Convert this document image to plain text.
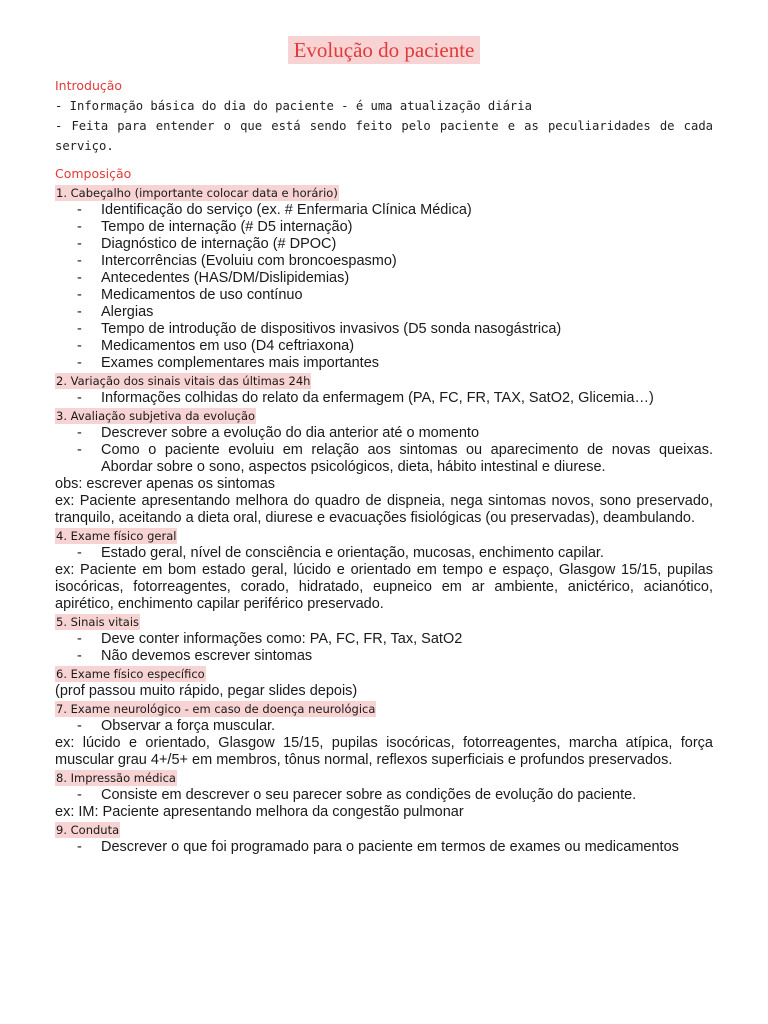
Evolução do paciente
Introdução
- Informação básica do dia do paciente - é uma atualização diária
- Feita para entender o que está sendo feito pelo paciente e as peculiaridades de cada serviço.
Composição
1. Cabeçalho (importante colocar data e horário)
- Identificação do serviço (ex. # Enfermaria Clínica Médica)
- Tempo de internação (# D5 internação)
- Diagnóstico de internação (# DPOC)
- Intercorrências (Evoluiu com broncoespasmo)
- Antecedentes (HAS/DM/Dislipidemias)
- Medicamentos de uso contínuo
- Alergias
- Tempo de introdução de dispositivos invasivos (D5 sonda nasogástrica)
- Medicamentos em uso (D4 ceftriaxona)
- Exames complementares mais importantes
2. Variação dos sinais vitais das últimas 24h
- Informações colhidas do relato da enfermagem (PA, FC, FR, TAX, SatO2, Glicemia…)
3. Avaliação subjetiva da evolução
- Descrever sobre a evolução do dia anterior até o momento
- Como o paciente evoluiu em relação aos sintomas ou aparecimento de novas queixas. Abordar sobre o sono, aspectos psicológicos, dieta, hábito intestinal e diurese.
obs: escrever apenas os sintomas
ex: Paciente apresentando melhora do quadro de dispneia, nega sintomas novos, sono preservado, tranquilo, aceitando a dieta oral, diurese e evacuações fisiológicas (ou preservadas), deambulando.
4. Exame físico geral
- Estado geral, nível de consciência e orientação, mucosas, enchimento capilar.
ex: Paciente em bom estado geral, lúcido e orientado em tempo e espaço, Glasgow 15/15, pupilas isocóricas, fotorreagentes, corado, hidratado, eupneico em ar ambiente, anictérico, acianótico, apirético, enchimento capilar periférico preservado.
5. Sinais vitais
- Deve conter informações como: PA, FC, FR, Tax, SatO2
- Não devemos escrever sintomas
6. Exame físico específico
(prof passou muito rápido, pegar slides depois)
7. Exame neurológico - em caso de doença neurológica
- Observar a força muscular.
ex: lúcido e orientado, Glasgow 15/15, pupilas isocóricas, fotorreagentes, marcha atípica, força muscular grau 4+/5+ em membros, tônus normal, reflexos superficiais e profundos preservados.
8. Impressão médica
- Consiste em descrever o seu parecer sobre as condições de evolução do paciente.
ex: IM: Paciente apresentando melhora da congestão pulmonar
9. Conduta
- Descrever o que foi programado para o paciente em termos de exames ou medicamentos
